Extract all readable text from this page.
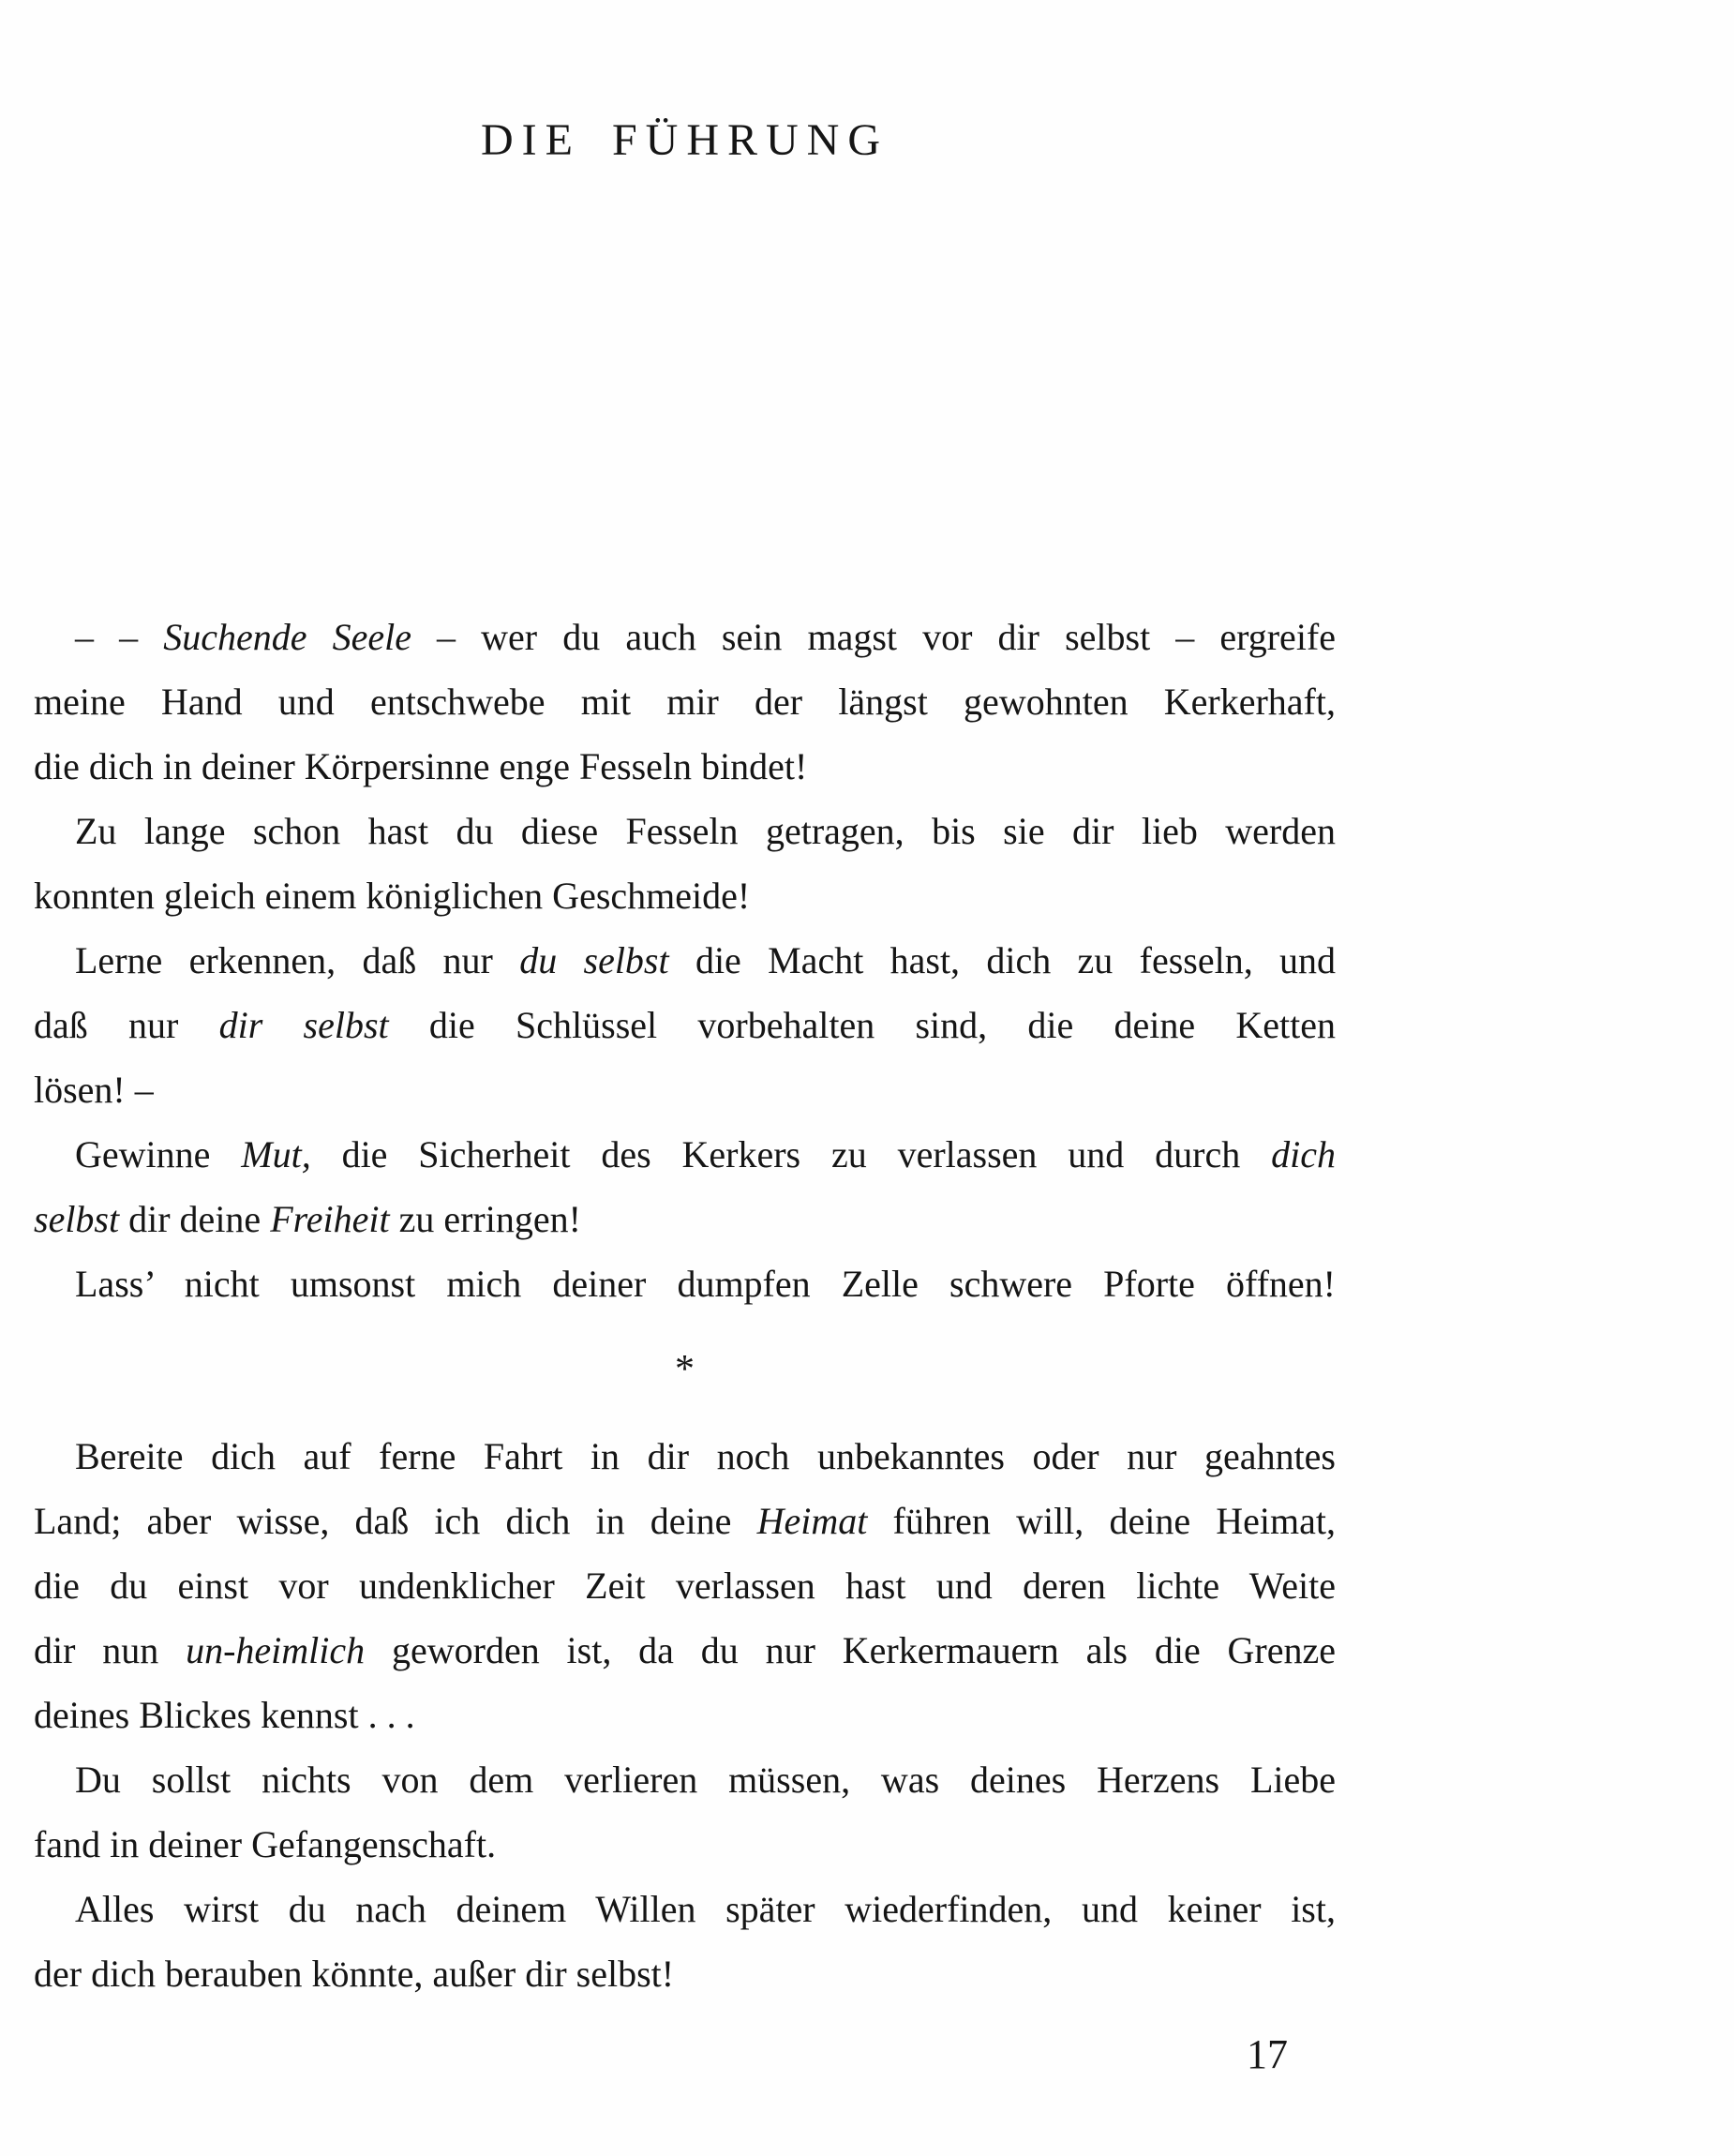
DIE FÜHRUNG
– – Suchende Seele – wer du auch sein magst vor dir selbst – ergreife
meine Hand und entschwebe mit mir der längst gewohnten Kerkerhaft,
die dich in deiner Körpersinne enge Fesseln bindet!
Zu lange schon hast du diese Fesseln getragen, bis sie dir lieb werden
konnten gleich einem königlichen Geschmeide!
Lerne erkennen, daß nur du selbst die Macht hast, dich zu fesseln, und
daß nur dir selbst die Schlüssel vorbehalten sind, die deine Ketten
lösen! –
Gewinne Mut, die Sicherheit des Kerkers zu verlassen und durch dich
selbst dir deine Freiheit zu erringen!
Lass’ nicht umsonst mich deiner dumpfen Zelle schwere Pforte öffnen!
*
Bereite dich auf ferne Fahrt in dir noch unbekanntes oder nur geahntes
Land; aber wisse, daß ich dich in deine Heimat führen will, deine Heimat,
die du einst vor undenklicher Zeit verlassen hast und deren lichte Weite
dir nun un-heimlich geworden ist, da du nur Kerkermauern als die Grenze
deines Blickes kennst . . .
Du sollst nichts von dem verlieren müssen, was deines Herzens Liebe
fand in deiner Gefangenschaft.
Alles wirst du nach deinem Willen später wiederfinden, und keiner ist,
der dich berauben könnte, außer dir selbst!
17
